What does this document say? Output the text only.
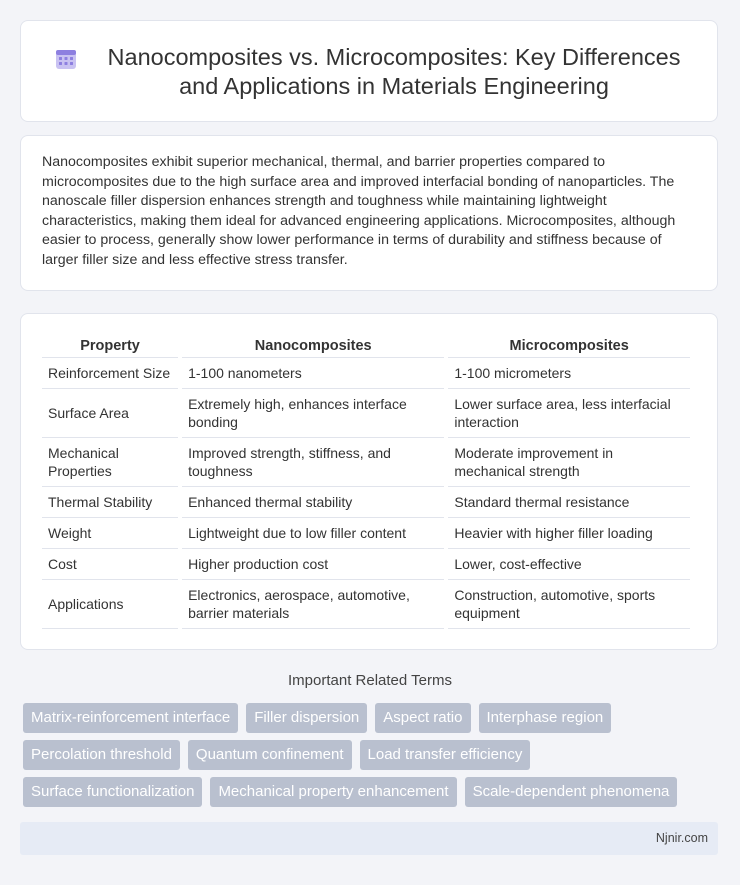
Nanocomposites vs. Microcomposites: Key Differences and Applications in Materials Engineering

Nanocomposites exhibit superior mechanical, thermal, and barrier properties compared to microcomposites due to the high surface area and improved interfacial bonding of nanoparticles. The nanoscale filler dispersion enhances strength and toughness while maintaining lightweight characteristics, making them ideal for advanced engineering applications. Microcomposites, although easier to process, generally show lower performance in terms of durability and stiffness because of larger filler size and less effective stress transfer.

Property	Nanocomposites	Microcomposites
Reinforcement Size	1-100 nanometers	1-100 micrometers
Surface Area	Extremely high, enhances interface bonding	Lower surface area, less interfacial interaction
Mechanical Properties	Improved strength, stiffness, and toughness	Moderate improvement in mechanical strength
Thermal Stability	Enhanced thermal stability	Standard thermal resistance
Weight	Lightweight due to low filler content	Heavier with higher filler loading
Cost	Higher production cost	Lower, cost-effective
Applications	Electronics, aerospace, automotive, barrier materials	Construction, automotive, sports equipment
Important Related Terms
Matrix-reinforcement interface	Filler dispersion	Aspect ratio	Interphase region
Percolation threshold	Quantum confinement	Load transfer efficiency
Surface functionalization	Mechanical property enhancement	Scale-dependent phenomena
Njnir.com
